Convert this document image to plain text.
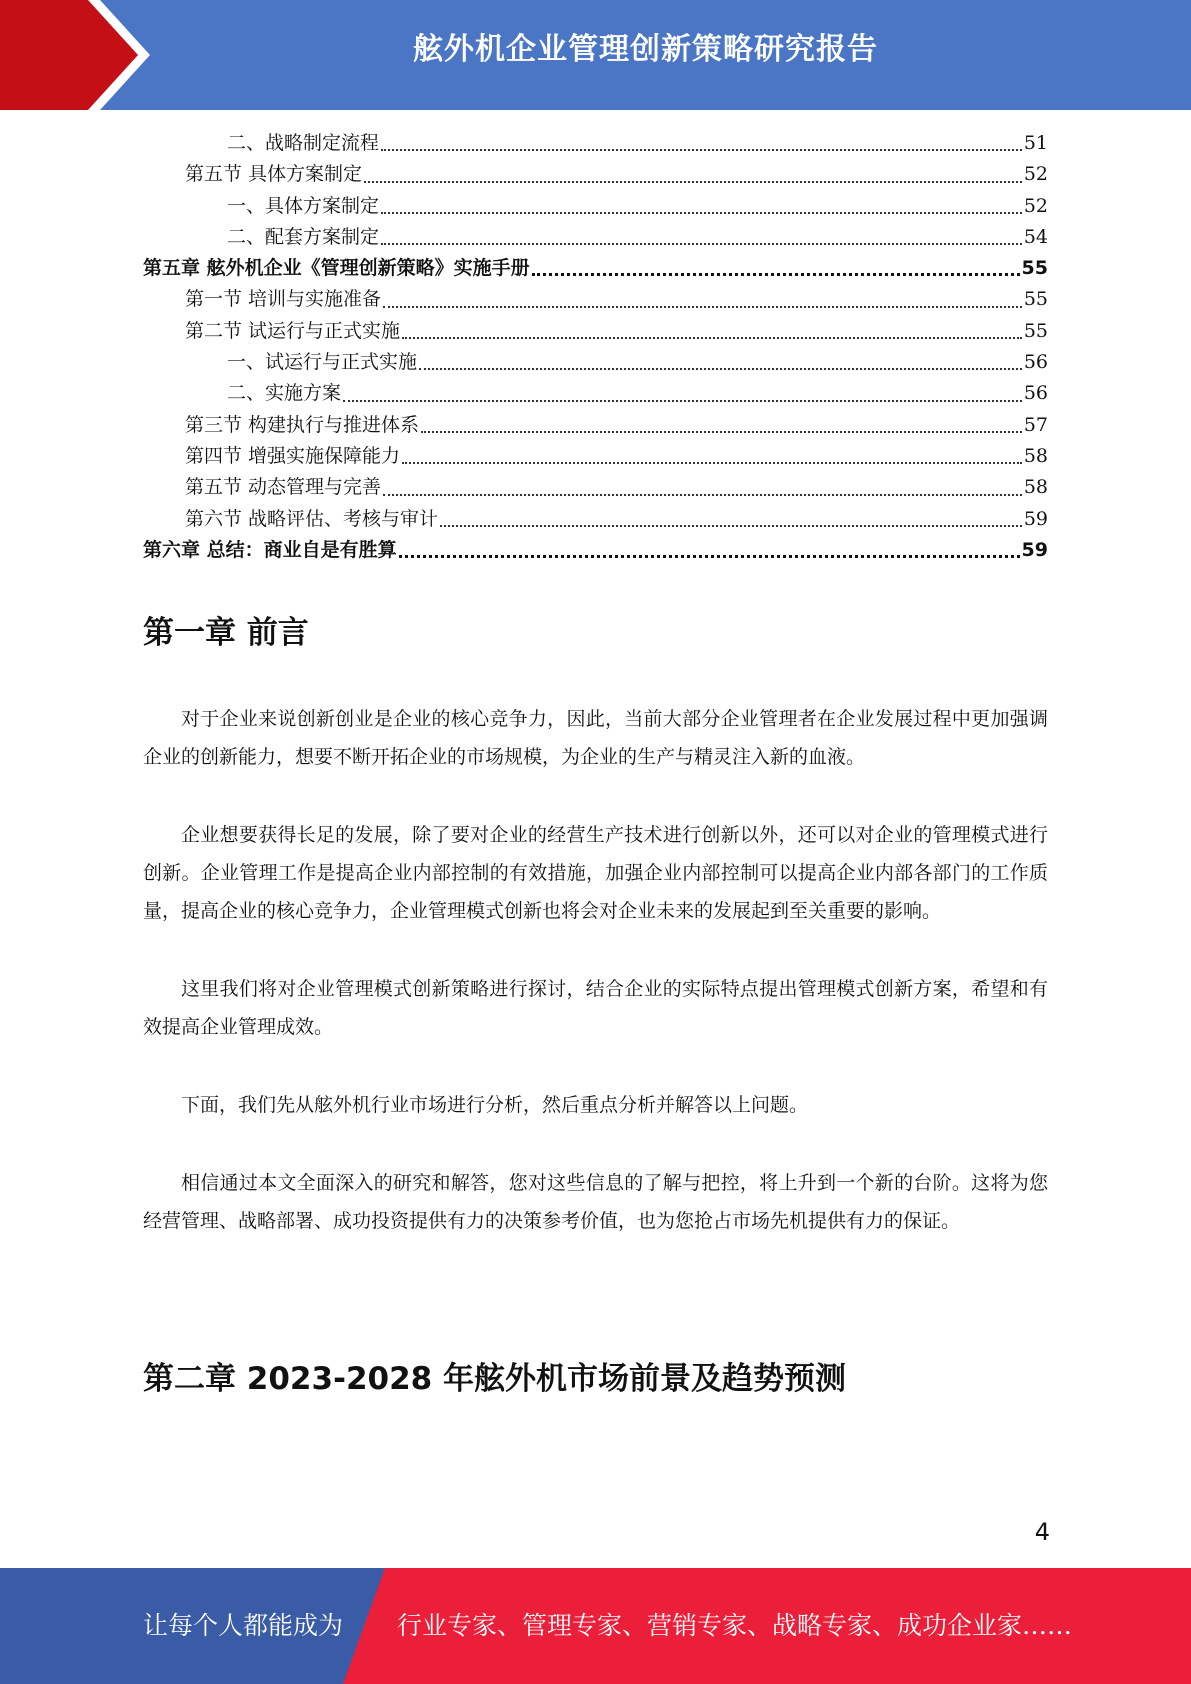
舷外机企业管理创新策略研究报告
二、战略制定流程	51
第五节 具体方案制定	52
一、具体方案制定	52
二、配套方案制定	54
第五章 舷外机企业《管理创新策略》实施手册	55
第一节 培训与实施准备	55
第二节 试运行与正式实施	55
一、试运行与正式实施	56
二、实施方案	56
第三节 构建执行与推进体系	57
第四节 增强实施保障能力	58
第五节 动态管理与完善	58
第六节 战略评估、考核与审计	59
第六章 总结：商业自是有胜算	59
第一章 前言

对于企业来说创新创业是企业的核心竞争力，因此，当前大部分企业管理者在企业发展过程中更加强调企业的创新能力，想要不断开拓企业的市场规模，为企业的生产与精灵注入新的血液。

企业想要获得长足的发展，除了要对企业的经营生产技术进行创新以外，还可以对企业的管理模式进行创新。企业管理工作是提高企业内部控制的有效措施，加强企业内部控制可以提高企业内部各部门的工作质量，提高企业的核心竞争力，企业管理模式创新也将会对企业未来的发展起到至关重要的影响。

这里我们将对企业管理模式创新策略进行探讨，结合企业的实际特点提出管理模式创新方案，希望和有效提高企业管理成效。

下面，我们先从舷外机行业市场进行分析，然后重点分析并解答以上问题。

相信通过本文全面深入的研究和解答，您对这些信息的了解与把控，将上升到一个新的台阶。这将为您经营管理、战略部署、成功投资提供有力的决策参考价值，也为您抢占市场先机提供有力的保证。

第二章 2023-2028 年舷外机市场前景及趋势预测
4
让每个人都能成为 行业专家、管理专家、营销专家、战略专家、成功企业家……
